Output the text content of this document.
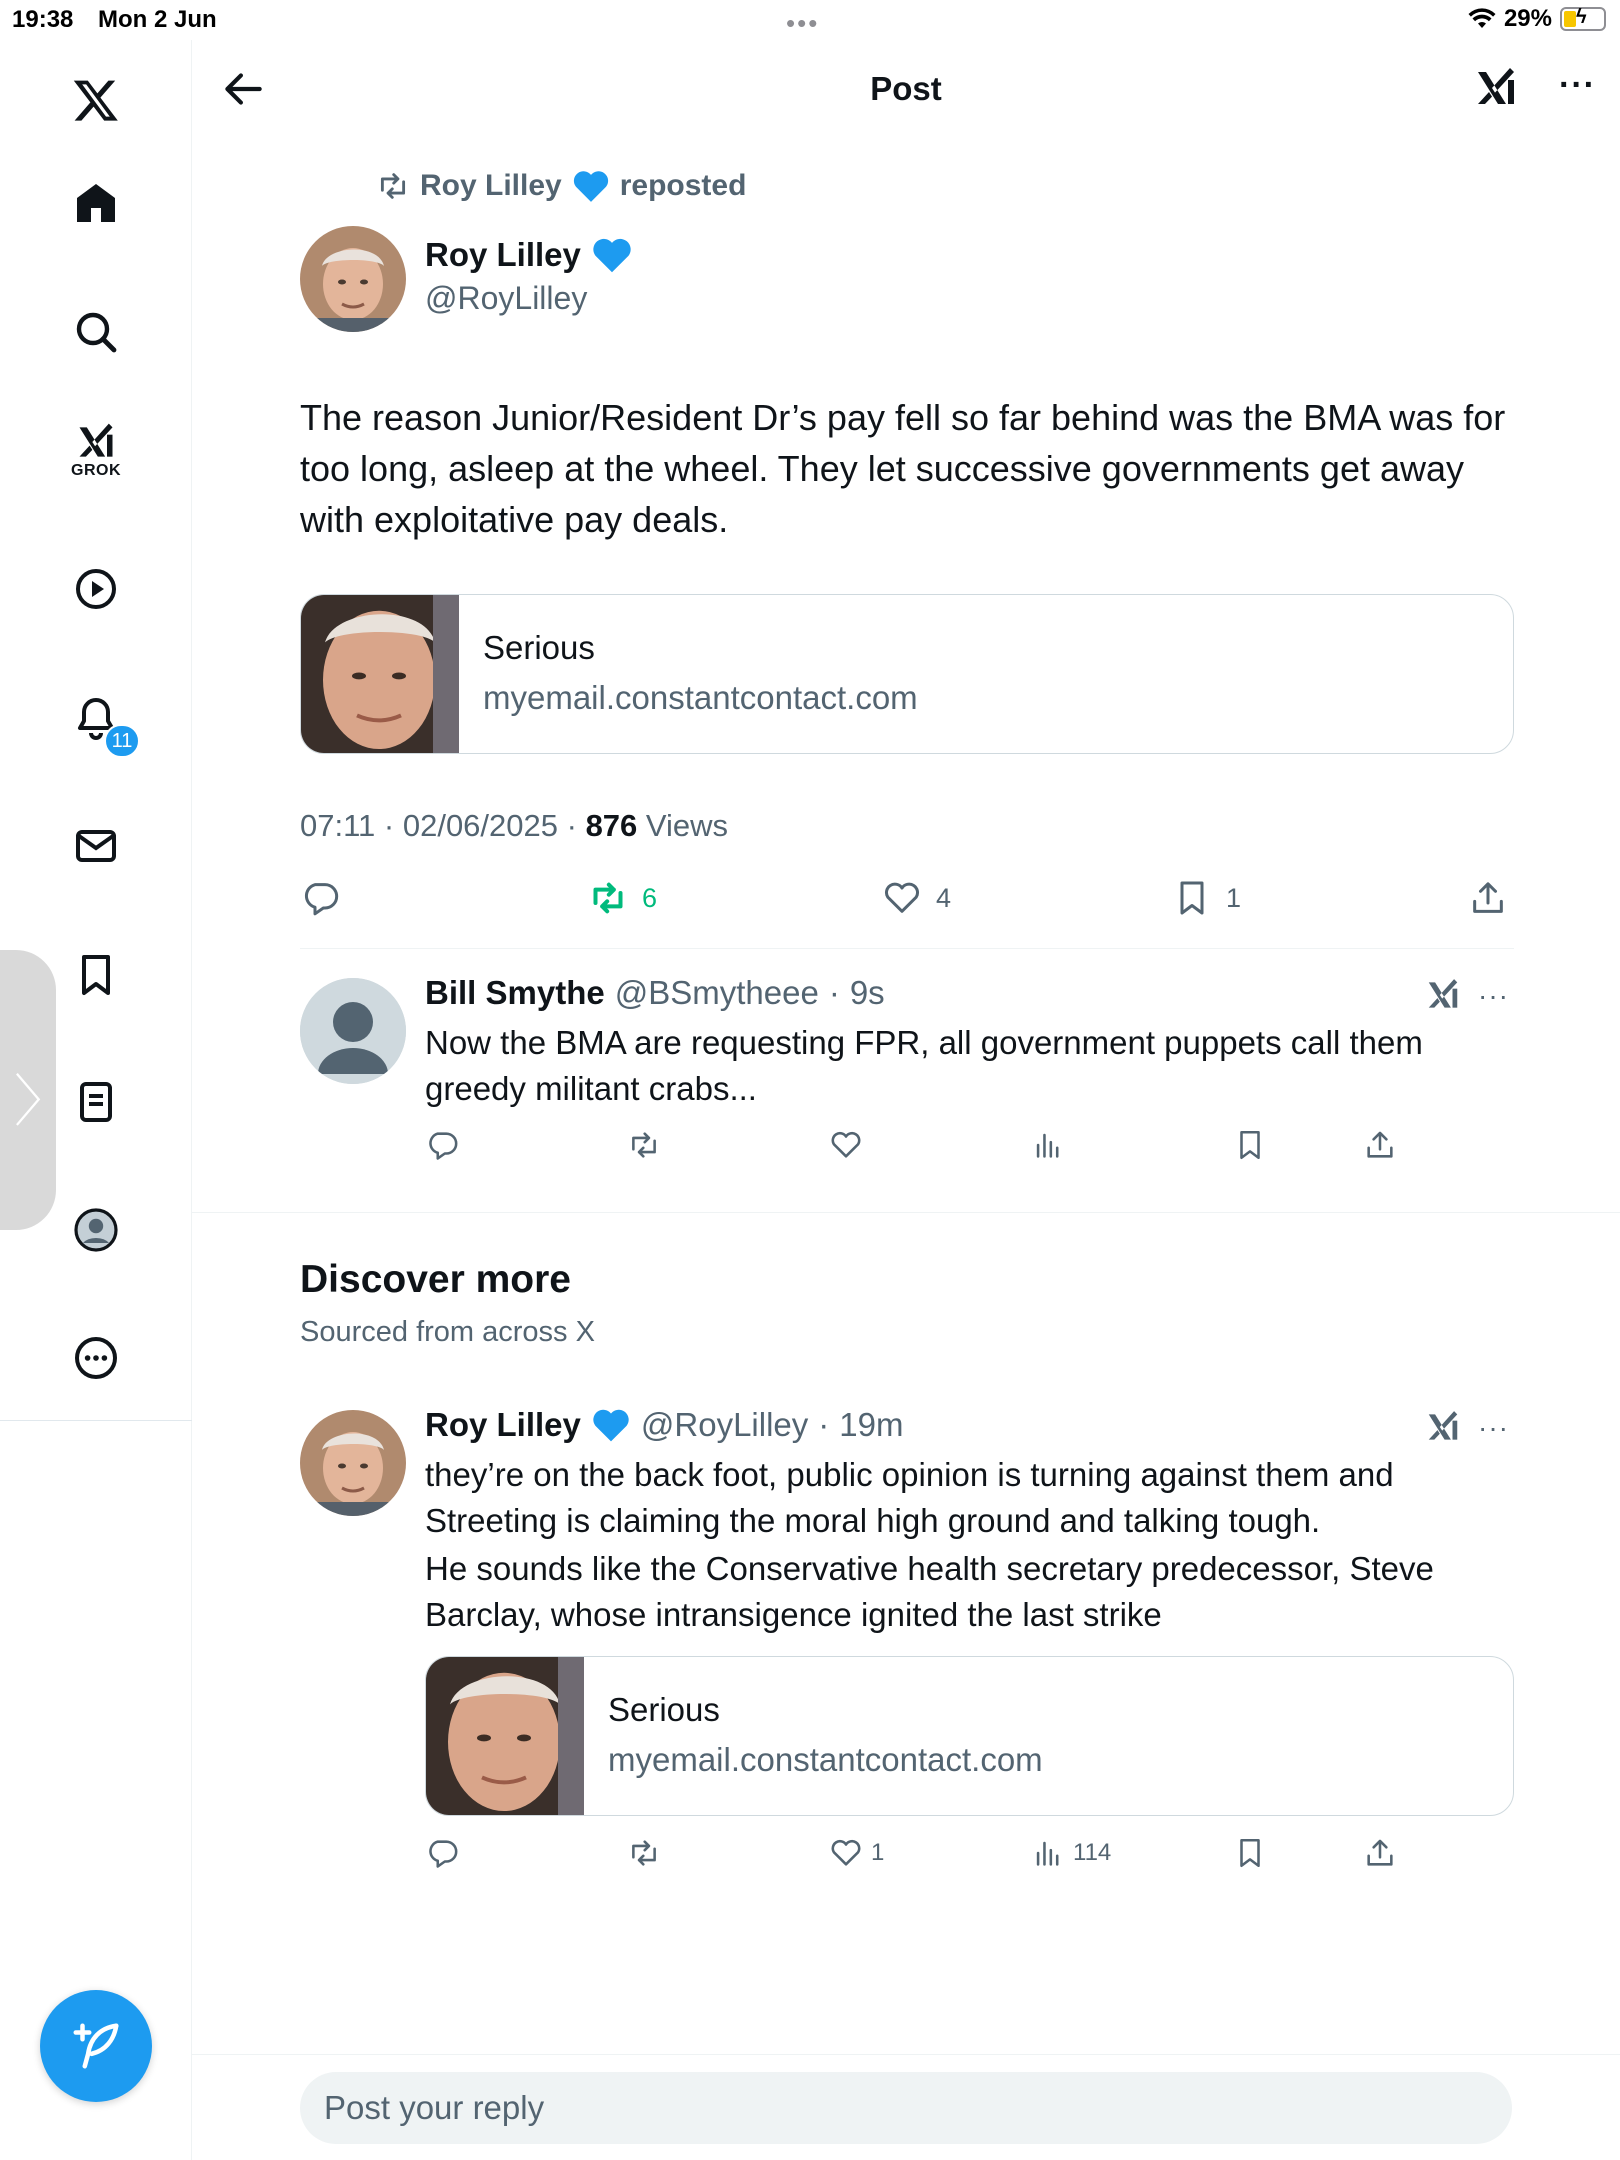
19:38 Mon 2 Jun	•••	29% ϟ
GROK
11
〉
Post	···
Roy Lilley reposted
Roy Lilley
@RoyLilley
The reason Junior/Resident Dr’s pay fell so far behind was the BMA was for too long, asleep at the wheel. They let successive governments get away with exploitative pay deals.
Serious
myemail.constantcontact.com
07:11 · 02/06/2025 · 876 Views
6	4	1
Bill Smythe @BSmytheee · 9s	···
Now the BMA are requesting FPR, all government puppets call them greedy militant crabs...
Discover more
Sourced from across X
Roy Lilley @RoyLilley · 19m	···
they’re on the back foot, public opinion is turning against them and Streeting is claiming the moral high ground and talking tough.
He sounds like the Conservative health secretary predecessor, Steve Barclay, whose intransigence ignited the last strike
Serious
myemail.constantcontact.com
1	114
Post your reply
